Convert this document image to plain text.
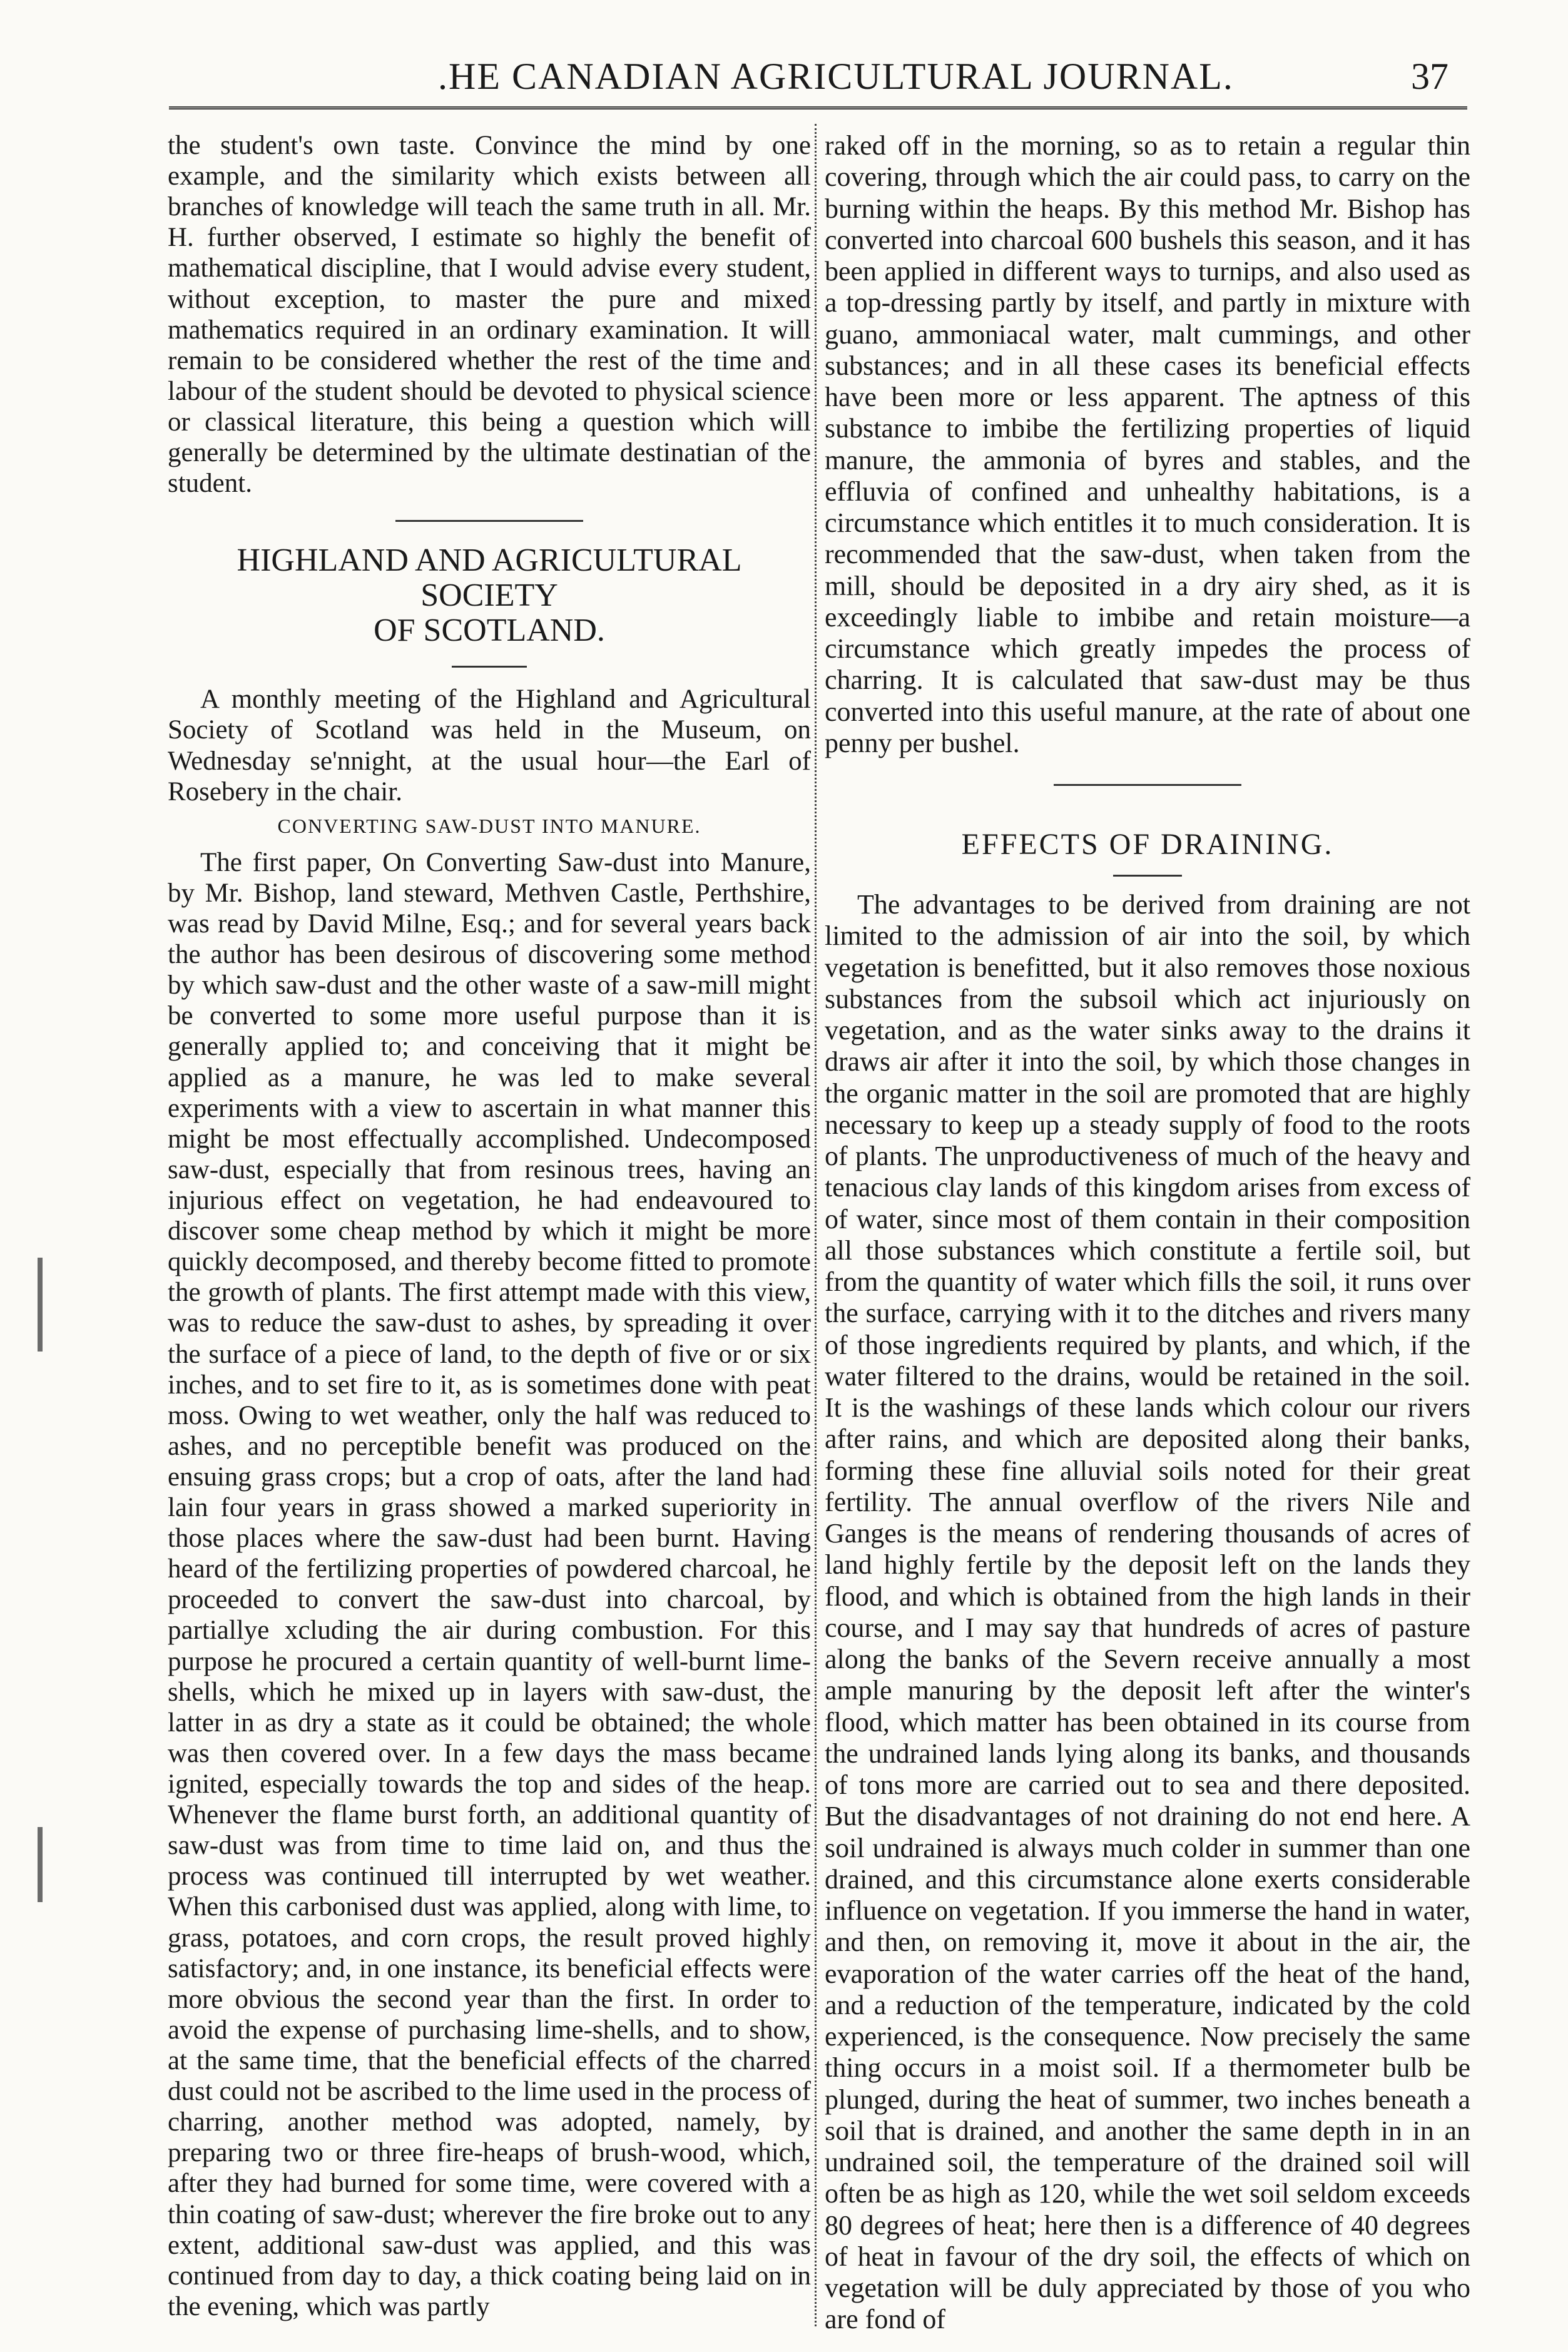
.HE CANADIAN AGRICULTURAL JOURNAL.	37

the student's own taste. Convince the mind by one example, and the similarity which exists between all branches of knowledge will teach the same truth in all. Mr. H. further observed, I estimate so highly the benefit of mathematical discipline, that I would advise every student, without exception, to master the pure and mixed mathematics required in an ordinary examination. It will remain to be considered whether the rest of the time and labour of the student should be devoted to physical science or classical literature, this being a question which will generally be determined by the ultimate destinatian of the student.

HIGHLAND AND AGRICULTURAL SOCIETY
OF SCOTLAND.

A monthly meeting of the Highland and Agricultural Society of Scotland was held in the Museum, on Wednesday se'nnight, at the usual hour—the Earl of Rosebery in the chair.

CONVERTING SAW-DUST INTO MANURE.

The first paper, On Converting Saw-dust into Manure, by Mr. Bishop, land steward, Methven Castle, Perthshire, was read by David Milne, Esq.; and for several years back the author has been desirous of discovering some method by which saw-dust and the other waste of a saw-mill might be converted to some more useful purpose than it is generally applied to; and conceiving that it might be applied as a manure, he was led to make several experiments with a view to ascertain in what manner this might be most effectually accomplished. Undecomposed saw-dust, especially that from resinous trees, having an injurious effect on vegetation, he had endeavoured to discover some cheap method by which it might be more quickly decomposed, and thereby become fitted to promote the growth of plants. The first attempt made with this view, was to reduce the saw-dust to ashes, by spreading it over the surface of a piece of land, to the depth of five or or six inches, and to set fire to it, as is sometimes done with peat moss. Owing to wet weather, only the half was reduced to ashes, and no perceptible benefit was produced on the ensuing grass crops; but a crop of oats, after the land had lain four years in grass showed a marked superiority in those places where the saw-dust had been burnt. Having heard of the fertilizing properties of powdered charcoal, he proceeded to convert the saw-dust into charcoal, by partiallye xcluding the air during combustion. For this purpose he procured a certain quantity of well-burnt lime-shells, which he mixed up in layers with saw-dust, the latter in as dry a state as it could be obtained; the whole was then covered over. In a few days the mass became ignited, especially towards the top and sides of the heap. Whenever the flame burst forth, an additional quantity of saw-dust was from time to time laid on, and thus the process was continued till interrupted by wet weather. When this carbonised dust was applied, along with lime, to grass, potatoes, and corn crops, the result proved highly satisfactory; and, in one instance, its beneficial effects were more obvious the second year than the first. In order to avoid the expense of purchasing lime-shells, and to show, at the same time, that the beneficial effects of the charred dust could not be ascribed to the lime used in the process of charring, another method was adopted, namely, by preparing two or three fire-heaps of brush-wood, which, after they had burned for some time, were covered with a thin coating of saw-dust; wherever the fire broke out to any extent, additional saw-dust was applied, and this was continued from day to day, a thick coating being laid on in the evening, which was partly

raked off in the morning, so as to retain a regular thin covering, through which the air could pass, to carry on the burning within the heaps. By this method Mr. Bishop has converted into charcoal 600 bushels this season, and it has been applied in different ways to turnips, and also used as a top-dressing partly by itself, and partly in mixture with guano, ammoniacal water, malt cummings, and other substances; and in all these cases its beneficial effects have been more or less apparent. The aptness of this substance to imbibe the fertilizing properties of liquid manure, the ammonia of byres and stables, and the effluvia of confined and unhealthy habitations, is a circumstance which entitles it to much consideration. It is recommended that the saw-dust, when taken from the mill, should be deposited in a dry airy shed, as it is exceedingly liable to imbibe and retain moisture—a circumstance which greatly impedes the process of charring. It is calculated that saw-dust may be thus converted into this useful manure, at the rate of about one penny per bushel.

EFFECTS OF DRAINING.

The advantages to be derived from draining are not limited to the admission of air into the soil, by which vegetation is benefitted, but it also removes those noxious substances from the subsoil which act injuriously on vegetation, and as the water sinks away to the drains it draws air after it into the soil, by which those changes in the organic matter in the soil are promoted that are highly necessary to keep up a steady supply of food to the roots of plants. The unproductiveness of much of the heavy and tenacious clay lands of this kingdom arises from excess of of water, since most of them contain in their composition all those substances which constitute a fertile soil, but from the quantity of water which fills the soil, it runs over the surface, carrying with it to the ditches and rivers many of those ingredients required by plants, and which, if the water filtered to the drains, would be retained in the soil. It is the washings of these lands which colour our rivers after rains, and which are deposited along their banks, forming these fine alluvial soils noted for their great fertility. The annual overflow of the rivers Nile and Ganges is the means of rendering thousands of acres of land highly fertile by the deposit left on the lands they flood, and which is obtained from the high lands in their course, and I may say that hundreds of acres of pasture along the banks of the Severn receive annually a most ample manuring by the deposit left after the winter's flood, which matter has been obtained in its course from the undrained lands lying along its banks, and thousands of tons more are carried out to sea and there deposited. But the disadvantages of not draining do not end here. A soil undrained is always much colder in summer than one drained, and this circumstance alone exerts considerable influence on vegetation. If you immerse the hand in water, and then, on removing it, move it about in the air, the evaporation of the water carries off the heat of the hand, and a reduction of the temperature, indicated by the cold experienced, is the consequence. Now precisely the same thing occurs in a moist soil. If a thermometer bulb be plunged, during the heat of summer, two inches beneath a soil that is drained, and another the same depth in in an undrained soil, the temperature of the drained soil will often be as high as 120, while the wet soil seldom exceeds 80 degrees of heat; here then is a difference of 40 degrees of heat in favour of the dry soil, the effects of which on vegetation will be duly appreciated by those of you who are fond of
